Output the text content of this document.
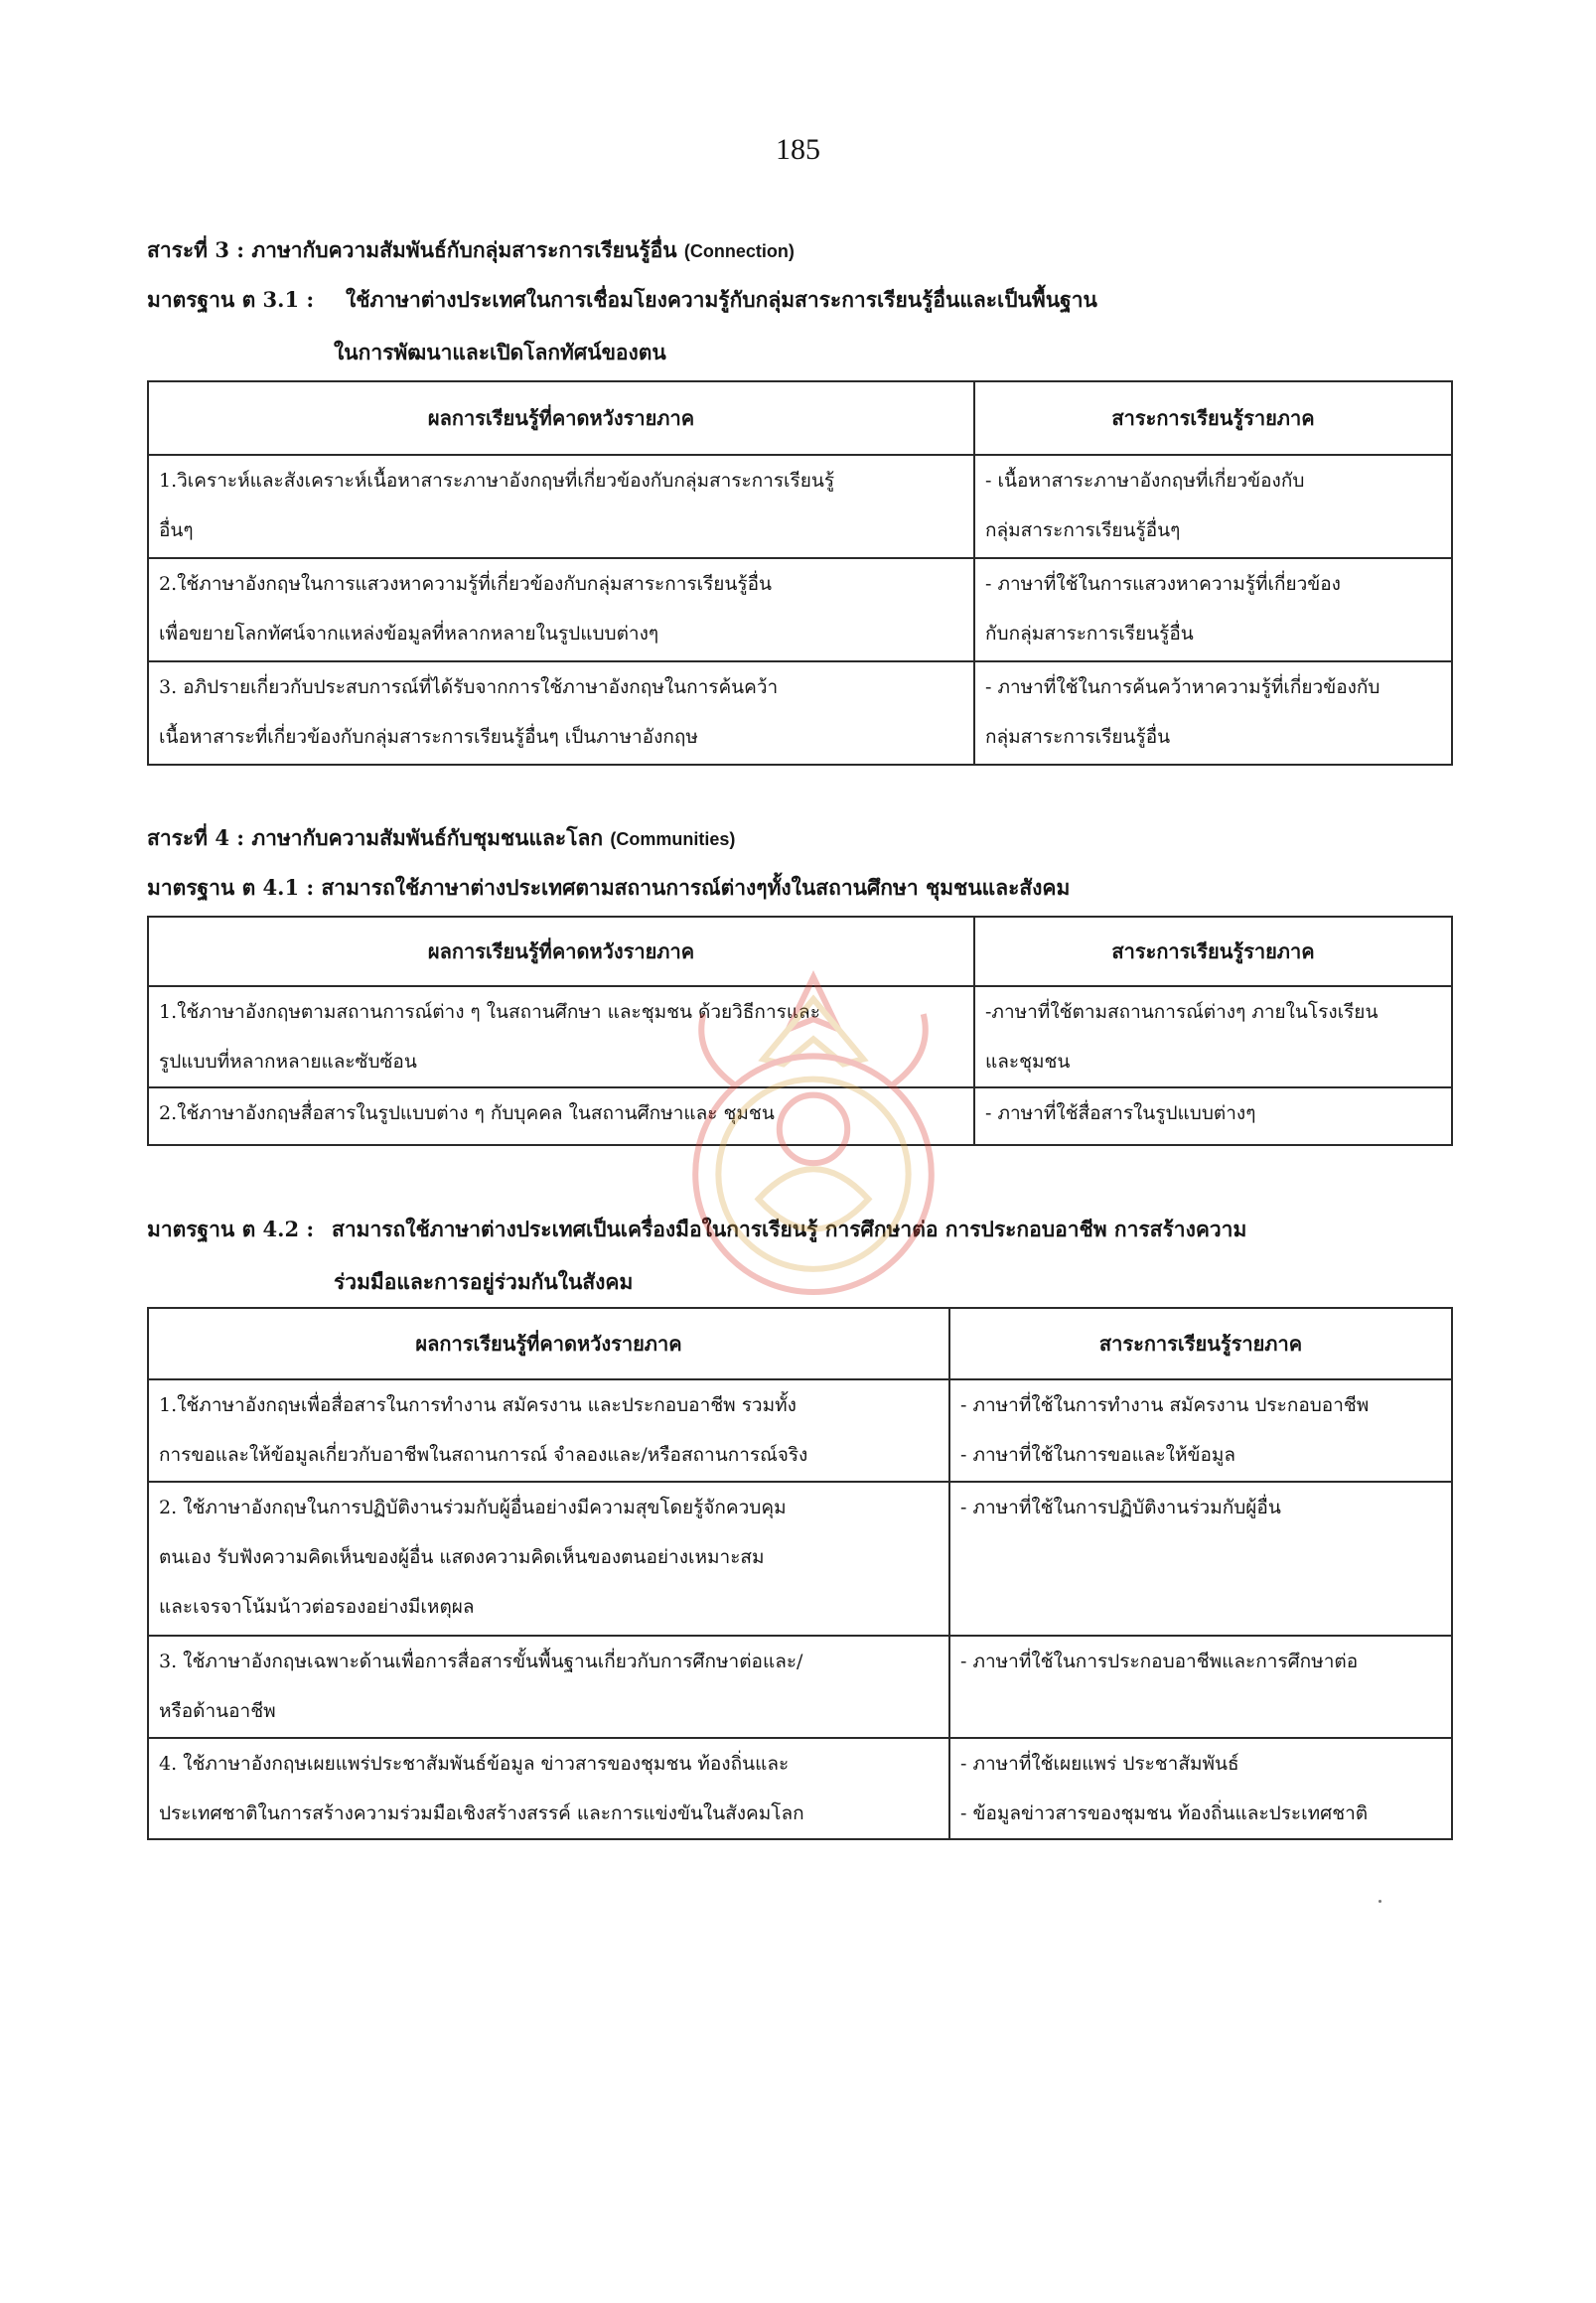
185
สาระที่ 3 : ภาษากับความสัมพันธ์กับกลุ่มสาระการเรียนรู้อื่น (Connection)
มาตรฐาน ต 3.1 : ใช้ภาษาต่างประเทศในการเชื่อมโยงความรู้กับกลุ่มสาระการเรียนรู้อื่นและเป็นพื้นฐาน
ในการพัฒนาและเปิดโลกทัศน์ของตน
ผลการเรียนรู้ที่คาดหวังรายภาค	สาระการเรียนรู้รายภาค

1.วิเคราะห์และสังเคราะห์เนื้อหาสาระภาษาอังกฤษที่เกี่ยวข้องกับกลุ่มสาระการเรียนรู้
อื่นๆ	- เนื้อหาสาระภาษาอังกฤษที่เกี่ยวข้องกับ
กลุ่มสาระการเรียนรู้อื่นๆ

2.ใช้ภาษาอังกฤษในการแสวงหาความรู้ที่เกี่ยวข้องกับกลุ่มสาระการเรียนรู้อื่น
เพื่อขยายโลกทัศน์จากแหล่งข้อมูลที่หลากหลายในรูปแบบต่างๆ	- ภาษาที่ใช้ในการแสวงหาความรู้ที่เกี่ยวข้อง
กับกลุ่มสาระการเรียนรู้อื่น

3. อภิปรายเกี่ยวกับประสบการณ์ที่ได้รับจากการใช้ภาษาอังกฤษในการค้นคว้า
เนื้อหาสาระที่เกี่ยวข้องกับกลุ่มสาระการเรียนรู้อื่นๆ เป็นภาษาอังกฤษ	- ภาษาที่ใช้ในการค้นคว้าหาความรู้ที่เกี่ยวข้องกับ
กลุ่มสาระการเรียนรู้อื่น
สาระที่ 4 : ภาษากับความสัมพันธ์กับชุมชนและโลก (Communities)
มาตรฐาน ต 4.1 : สามารถใช้ภาษาต่างประเทศตามสถานการณ์ต่างๆทั้งในสถานศึกษา ชุมชนและสังคม
ผลการเรียนรู้ที่คาดหวังรายภาค	สาระการเรียนรู้รายภาค

1.ใช้ภาษาอังกฤษตามสถานการณ์ต่าง ๆ ในสถานศึกษา และชุมชน ด้วยวิธีการและ
รูปแบบที่หลากหลายและซับซ้อน	-ภาษาที่ใช้ตามสถานการณ์ต่างๆ ภายในโรงเรียน
และชุมชน

2.ใช้ภาษาอังกฤษสื่อสารในรูปแบบต่าง ๆ กับบุคคล ในสถานศึกษาและ ชุมชน	- ภาษาที่ใช้สื่อสารในรูปแบบต่างๆ
มาตรฐาน ต 4.2 : สามารถใช้ภาษาต่างประเทศเป็นเครื่องมือในการเรียนรู้ การศึกษาต่อ การประกอบอาชีพ การสร้างความ
ร่วมมือและการอยู่ร่วมกันในสังคม
ผลการเรียนรู้ที่คาดหวังรายภาค	สาระการเรียนรู้รายภาค

1.ใช้ภาษาอังกฤษเพื่อสื่อสารในการทำงาน สมัครงาน และประกอบอาชีพ รวมทั้ง
การขอและให้ข้อมูลเกี่ยวกับอาชีพในสถานการณ์ จำลองและ/หรือสถานการณ์จริง	- ภาษาที่ใช้ในการทำงาน สมัครงาน ประกอบอาชีพ
- ภาษาที่ใช้ในการขอและให้ข้อมูล

2. ใช้ภาษาอังกฤษในการปฏิบัติงานร่วมกับผู้อื่นอย่างมีความสุขโดยรู้จักควบคุม
ตนเอง รับฟังความคิดเห็นของผู้อื่น แสดงความคิดเห็นของตนอย่างเหมาะสม
และเจรจาโน้มน้าวต่อรองอย่างมีเหตุผล	- ภาษาที่ใช้ในการปฏิบัติงานร่วมกับผู้อื่น

3. ใช้ภาษาอังกฤษเฉพาะด้านเพื่อการสื่อสารขั้นพื้นฐานเกี่ยวกับการศึกษาต่อและ/
หรือด้านอาชีพ	- ภาษาที่ใช้ในการประกอบอาชีพและการศึกษาต่อ

4. ใช้ภาษาอังกฤษเผยแพร่ประชาสัมพันธ์ข้อมูล ข่าวสารของชุมชน ท้องถิ่นและ
ประเทศชาติในการสร้างความร่วมมือเชิงสร้างสรรค์ และการแข่งขันในสังคมโลก	- ภาษาที่ใช้เผยแพร่ ประชาสัมพันธ์
- ข้อมูลข่าวสารของชุมชน ท้องถิ่นและประเทศชาติ
